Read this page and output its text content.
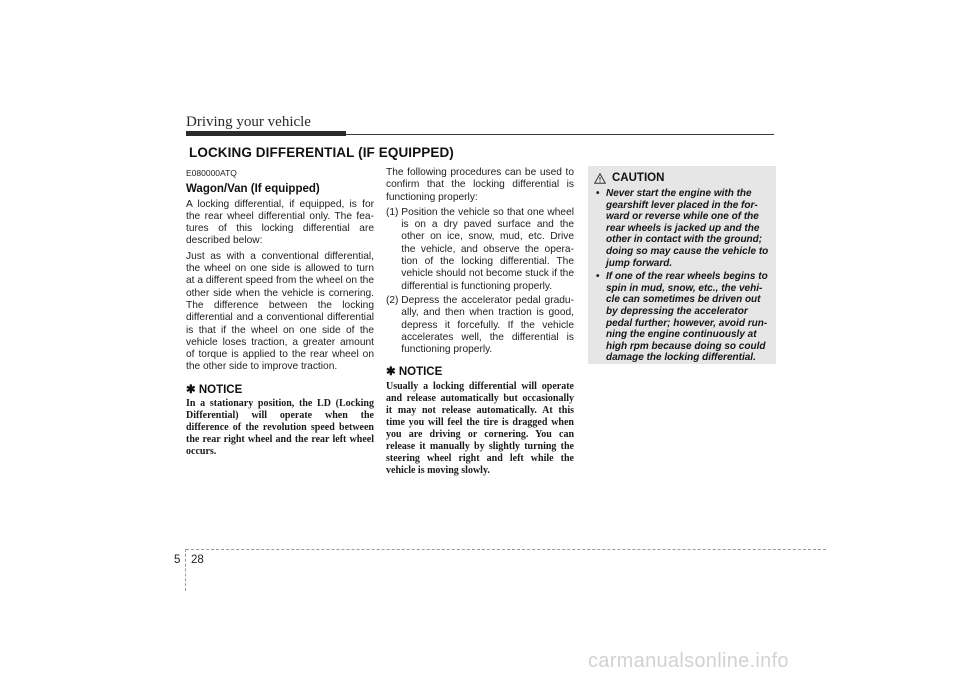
Driving your vehicle
LOCKING DIFFERENTIAL (IF EQUIPPED)

E080000ATQ

Wagon/Van (If equipped)

A locking differential, if equipped, is for the rear wheel differential only. The features of this locking differential are described below:

Just as with a conventional differential, the wheel on one side is allowed to turn at a different speed from the wheel on the other side when the vehicle is cornering. The difference between the locking differential and a conventional differential is that if the wheel on one side of the vehicle loses traction, a greater amount of torque is applied to the rear wheel on the other side to improve traction.

✱ NOTICE

In a stationary position, the LD (Locking Differential) will operate when the difference of the revolution speed between the rear right wheel and the rear left wheel occurs.

The following procedures can be used to confirm that the locking differential is functioning properly:

(1) Position the vehicle so that one wheel is on a dry paved surface and the other on ice, snow, mud, etc. Drive the vehicle, and observe the operation of the locking differential. The vehicle should not become stuck if the differential is functioning properly.
(2) Depress the accelerator pedal gradually, and then when traction is good, depress it forcefully. If the vehicle accelerates well, the differential is functioning properly.

✱ NOTICE

Usually a locking differential will operate and release automatically but occasionally it may not release automatically. At this time you will feel the tire is dragged when you are driving or cornering. You can release it manually by slightly turning the steering wheel right and left while the vehicle is moving slowly.

CAUTION
• Never start the engine with the gearshift lever placed in the forward or reverse while one of the rear wheels is jacked up and the other in contact with the ground; doing so may cause the vehicle to jump forward.
• If one of the rear wheels begins to spin in mud, snow, etc., the vehicle can sometimes be driven out by depressing the accelerator pedal further; however, avoid running the engine continuously at high rpm because doing so could damage the locking differential.
5 28
carmanualsonline.info
